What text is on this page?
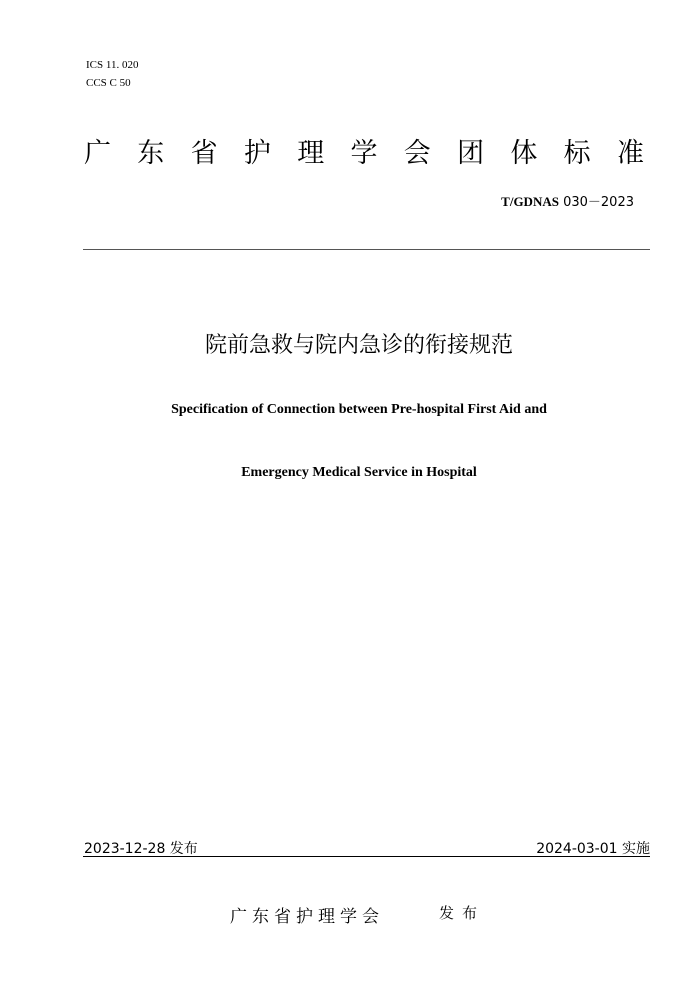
ICS 11. 020
CCS C 50
广 东 省 护 理 学 会 团 体 标 准
T/GDNAS 030－2023
院前急救与院内急诊的衔接规范
Specification of Connection between Pre-hospital First Aid and
Emergency Medical Service in Hospital
2023-12-28 发布	2024-03-01 实施
广东省护理学会	发布
